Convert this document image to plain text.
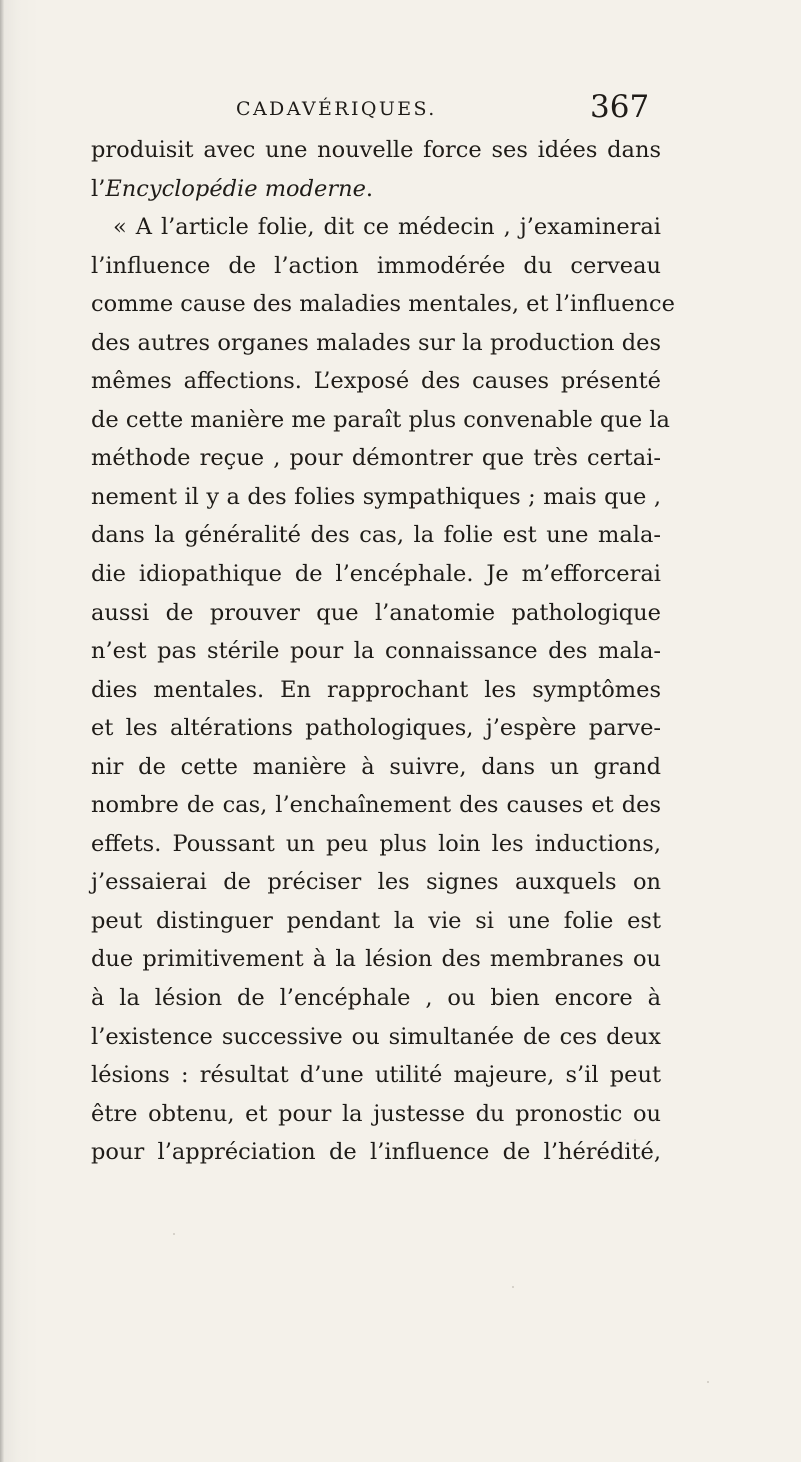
CADAVÉRIQUES.	367
produisit avec une nouvelle force ses idées dans
l’Encyclopédie moderne.
« A l’article folie, dit ce médecin , j’examinerai
l’influence de l’action immodérée du cerveau
comme cause des maladies mentales, et l’influence
des autres organes malades sur la production des
mêmes affections. L’exposé des causes présenté
de cette manière me paraît plus convenable que la
méthode reçue , pour démontrer que très certai-
nement il y a des folies sympathiques ; mais que ,
dans la généralité des cas, la folie est une mala-
die idiopathique de l’encéphale. Je m’efforcerai
aussi de prouver que l’anatomie pathologique
n’est pas stérile pour la connaissance des mala-
dies mentales. En rapprochant les symptômes
et les altérations pathologiques, j’espère parve-
nir de cette manière à suivre, dans un grand
nombre de cas, l’enchaînement des causes et des
effets. Poussant un peu plus loin les inductions,
j’essaierai de préciser les signes auxquels on
peut distinguer pendant la vie si une folie est
due primitivement à la lésion des membranes ou
à la lésion de l’encéphale , ou bien encore à
l’existence successive ou simultanée de ces deux
lésions : résultat d’une utilité majeure, s’il peut
être obtenu, et pour la justesse du pronostic ou
pour l’appréciation de l’influence de l’hérédité,
